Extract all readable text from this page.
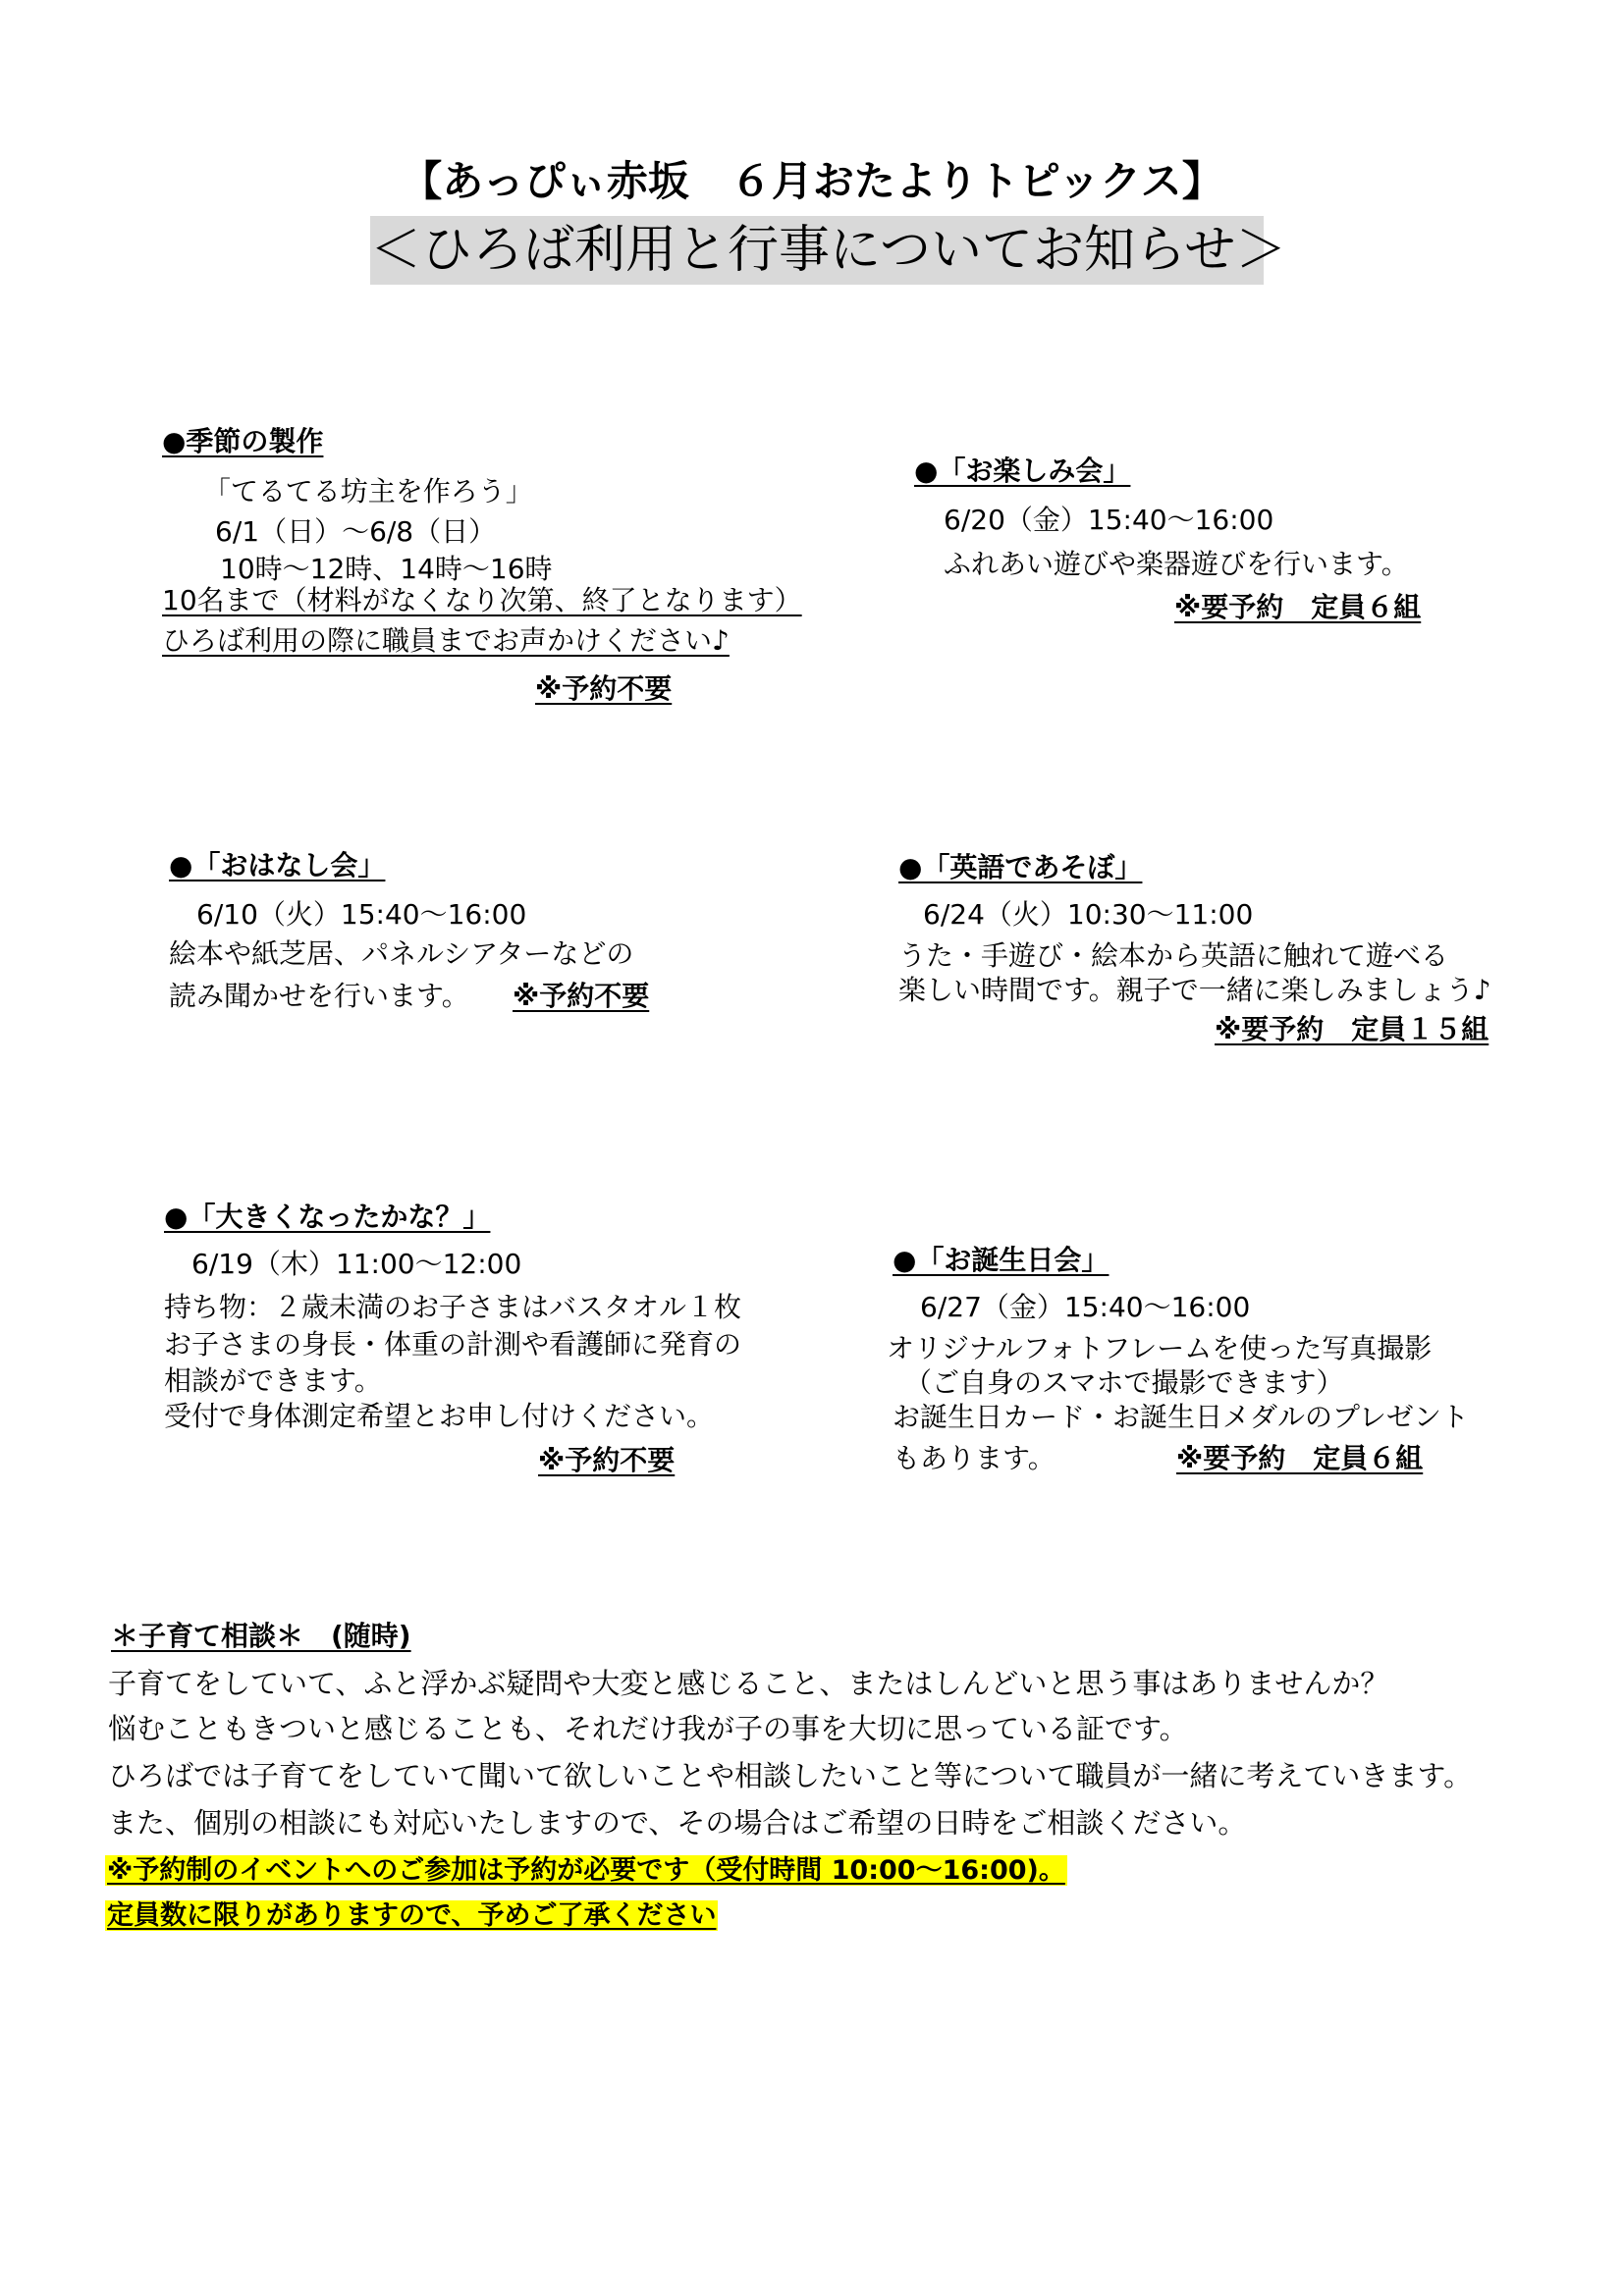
【あっぴぃ赤坂　６月おたよりトピックス】
＜ひろば利用と行事についてお知らせ＞
●季節の製作
「てるてる坊主を作ろう」
6/1（日）～6/8（日）
10時～12時、14時～16時
10名まで（材料がなくなり次第、終了となります）
ひろば利用の際に職員までお声かけください♪
※予約不要
●「お楽しみ会」
6/20（金）15:40～16:00
ふれあい遊びや楽器遊びを行います。
※要予約　定員６組
●「おはなし会」
6/10（火）15:40～16:00
絵本や紙芝居、パネルシアターなどの
読み聞かせを行います。 ※予約不要
●「英語であそぼ」
6/24（火）10:30～11:00
うた・手遊び・絵本から英語に触れて遊べる
楽しい時間です。親子で一緒に楽しみましょう♪
※要予約　定員１５組
●「大きくなったかな？」
6/19（木）11:00～12:00
持ち物：２歳未満のお子さまはバスタオル１枚
お子さまの身長・体重の計測や看護師に発育の
相談ができます。
受付で身体測定希望とお申し付けください。
※予約不要
●「お誕生日会」
6/27（金）15:40～16:00
オリジナルフォトフレームを使った写真撮影
（ご自身のスマホで撮影できます）
お誕生日カード・お誕生日メダルのプレゼント
もあります。	※要予約　定員６組
＊子育て相談＊　(随時)
子育てをしていて、ふと浮かぶ疑問や大変と感じること、またはしんどいと思う事はありませんか？
悩むこともきついと感じることも、それだけ我が子の事を大切に思っている証です。
ひろばでは子育てをしていて聞いて欲しいことや相談したいこと等について職員が一緒に考えていきます。
また、個別の相談にも対応いたしますので、その場合はご希望の日時をご相談ください。
※予約制のイベントへのご参加は予約が必要です（受付時間 10:00～16:00)。
定員数に限りがありますので、予めご了承ください
